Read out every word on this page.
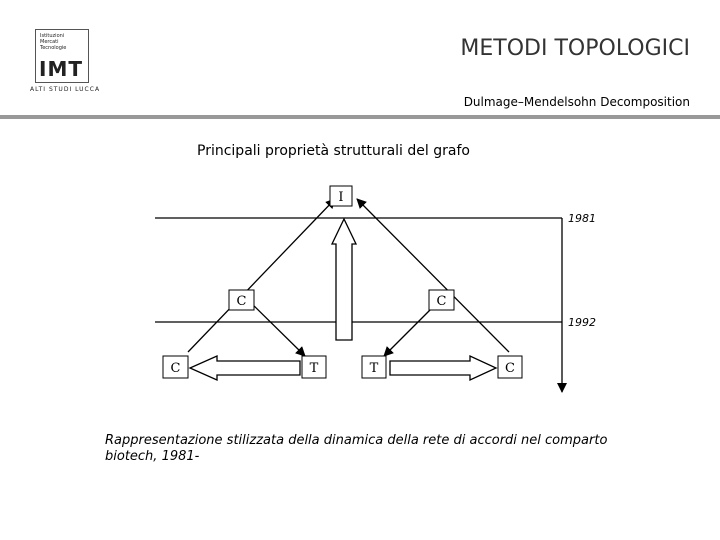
Istituzioni
Mercati
Tecnologie
IMT
ALTI STUDI LUCCA
METODI TOPOLOGICI
Dulmage–Mendelsohn Decomposition
Principali proprietà strutturali del grafo
I
C	C
C	T	T	C
1981
1992
Rappresentazione stilizzata della dinamica della rete di accordi nel comparto biotech, 1981-
